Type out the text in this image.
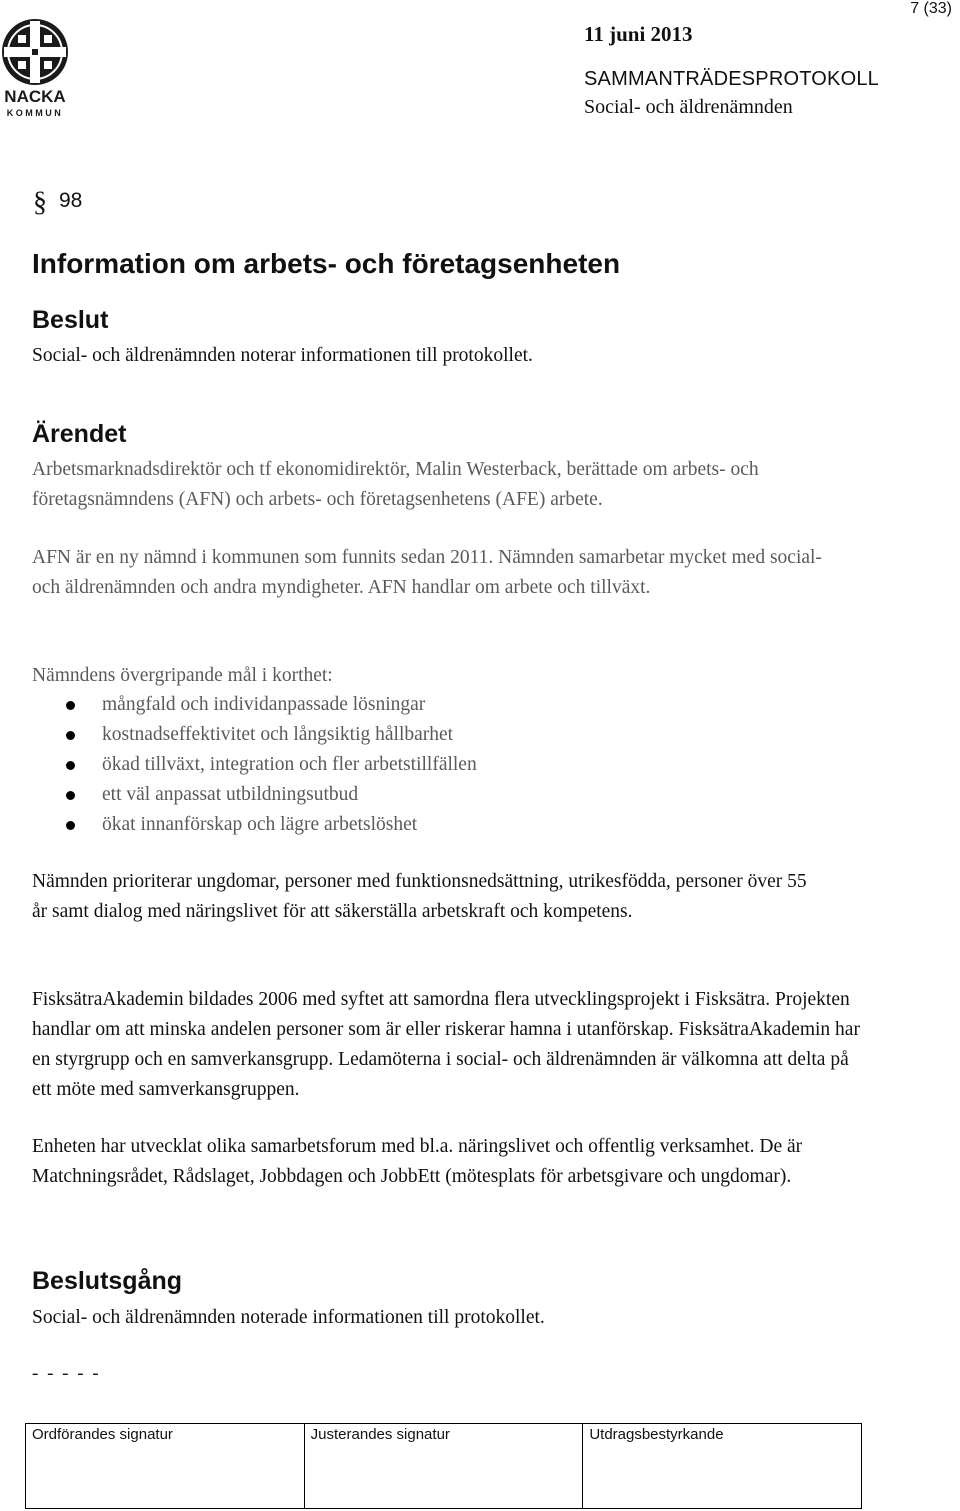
NACKA
KOMMUN
7 (33)
11 juni 2013
SAMMANTRÄDESPROTOKOLL
Social- och äldrenämnden
§ 98
Information om arbets- och företagsenheten
Beslut
Social- och äldrenämnden noterar informationen till protokollet.
Ärendet
Arbetsmarknadsdirektör och tf ekonomidirektör, Malin Westerback, berättade om arbets- och företagsnämndens (AFN) och arbets- och företagsenhetens (AFE) arbete.
AFN är en ny nämnd i kommunen som funnits sedan 2011. Nämnden samarbetar mycket med social- och äldrenämnden och andra myndigheter. AFN handlar om arbete och tillväxt.
Nämndens övergripande mål i korthet:
mångfald och individanpassade lösningar
kostnadseffektivitet och långsiktig hållbarhet
ökad tillväxt, integration och fler arbetstillfällen
ett väl anpassat utbildningsutbud
ökat innanförskap och lägre arbetslöshet
Nämnden prioriterar ungdomar, personer med funktionsnedsättning, utrikesfödda, personer över 55 år samt dialog med näringslivet för att säkerställa arbetskraft och kompetens.
FisksätraAkademin bildades 2006 med syftet att samordna flera utvecklingsprojekt i Fisksätra. Projekten handlar om att minska andelen personer som är eller riskerar hamna i utanförskap. FisksätraAkademin har en styrgrupp och en samverkansgrupp. Ledamöterna i social- och äldrenämnden är välkomna att delta på ett möte med samverkansgruppen.
Enheten har utvecklat olika samarbetsforum med bl.a. näringslivet och offentlig verksamhet. De är Matchningsrådet, Rådslaget, Jobbdagen och JobbEtt (mötesplats för arbetsgivare och ungdomar).
Beslutsgång
Social- och äldrenämnden noterade informationen till protokollet.
- - - - -
Ordförandes signatur	Justerandes signatur	Utdragsbestyrkande
